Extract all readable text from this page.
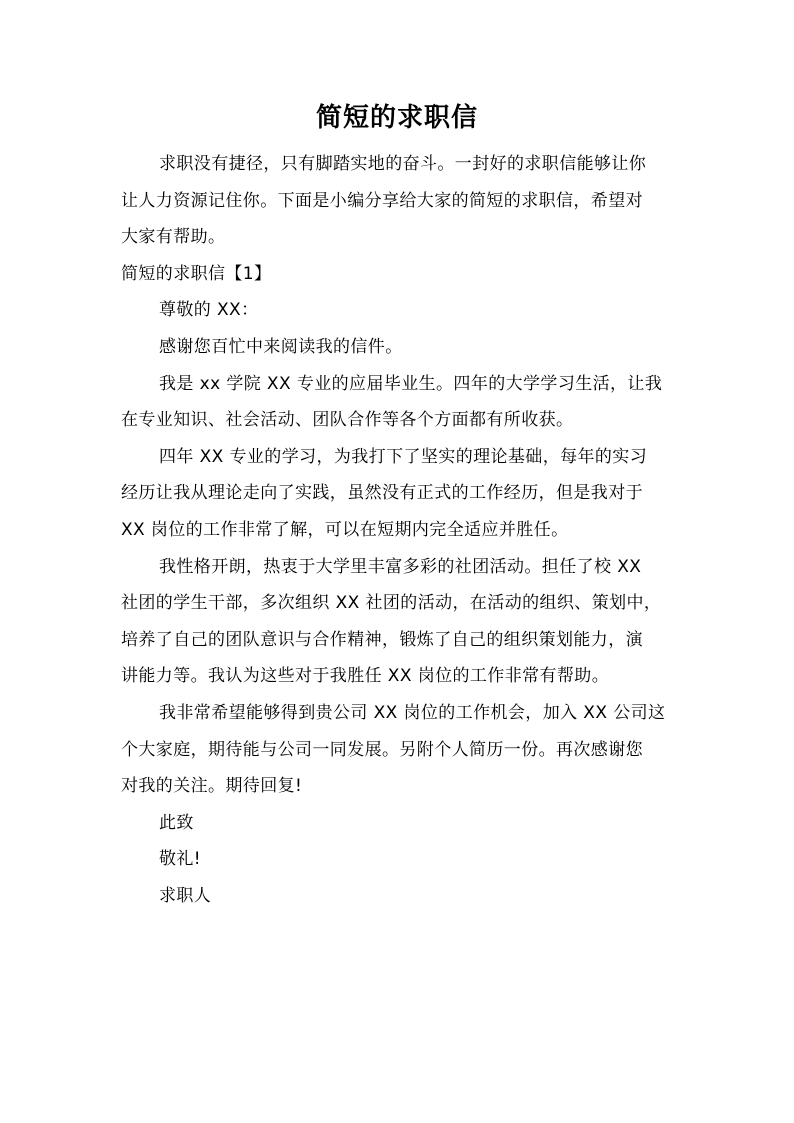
简短的求职信

求职没有捷径，只有脚踏实地的奋斗。一封好的求职信能够让你
让人力资源记住你。下面是小编分享给大家的简短的求职信，希望对
大家有帮助。

简短的求职信【1】

尊敬的 XX：

感谢您百忙中来阅读我的信件。

我是 xx 学院 XX 专业的应届毕业生。四年的大学学习生活，让我
在专业知识、社会活动、团队合作等各个方面都有所收获。

四年 XX 专业的学习，为我打下了坚实的理论基础，每年的实习
经历让我从理论走向了实践，虽然没有正式的工作经历，但是我对于
XX 岗位的工作非常了解，可以在短期内完全适应并胜任。

我性格开朗，热衷于大学里丰富多彩的社团活动。担任了校 XX
社团的学生干部，多次组织 XX 社团的活动，在活动的组织、策划中，
培养了自己的团队意识与合作精神，锻炼了自己的组织策划能力，演
讲能力等。我认为这些对于我胜任 XX 岗位的工作非常有帮助。

我非常希望能够得到贵公司 XX 岗位的工作机会，加入 XX 公司这
个大家庭，期待能与公司一同发展。另附个人简历一份。再次感谢您
对我的关注。期待回复!

此致

敬礼!

求职人
